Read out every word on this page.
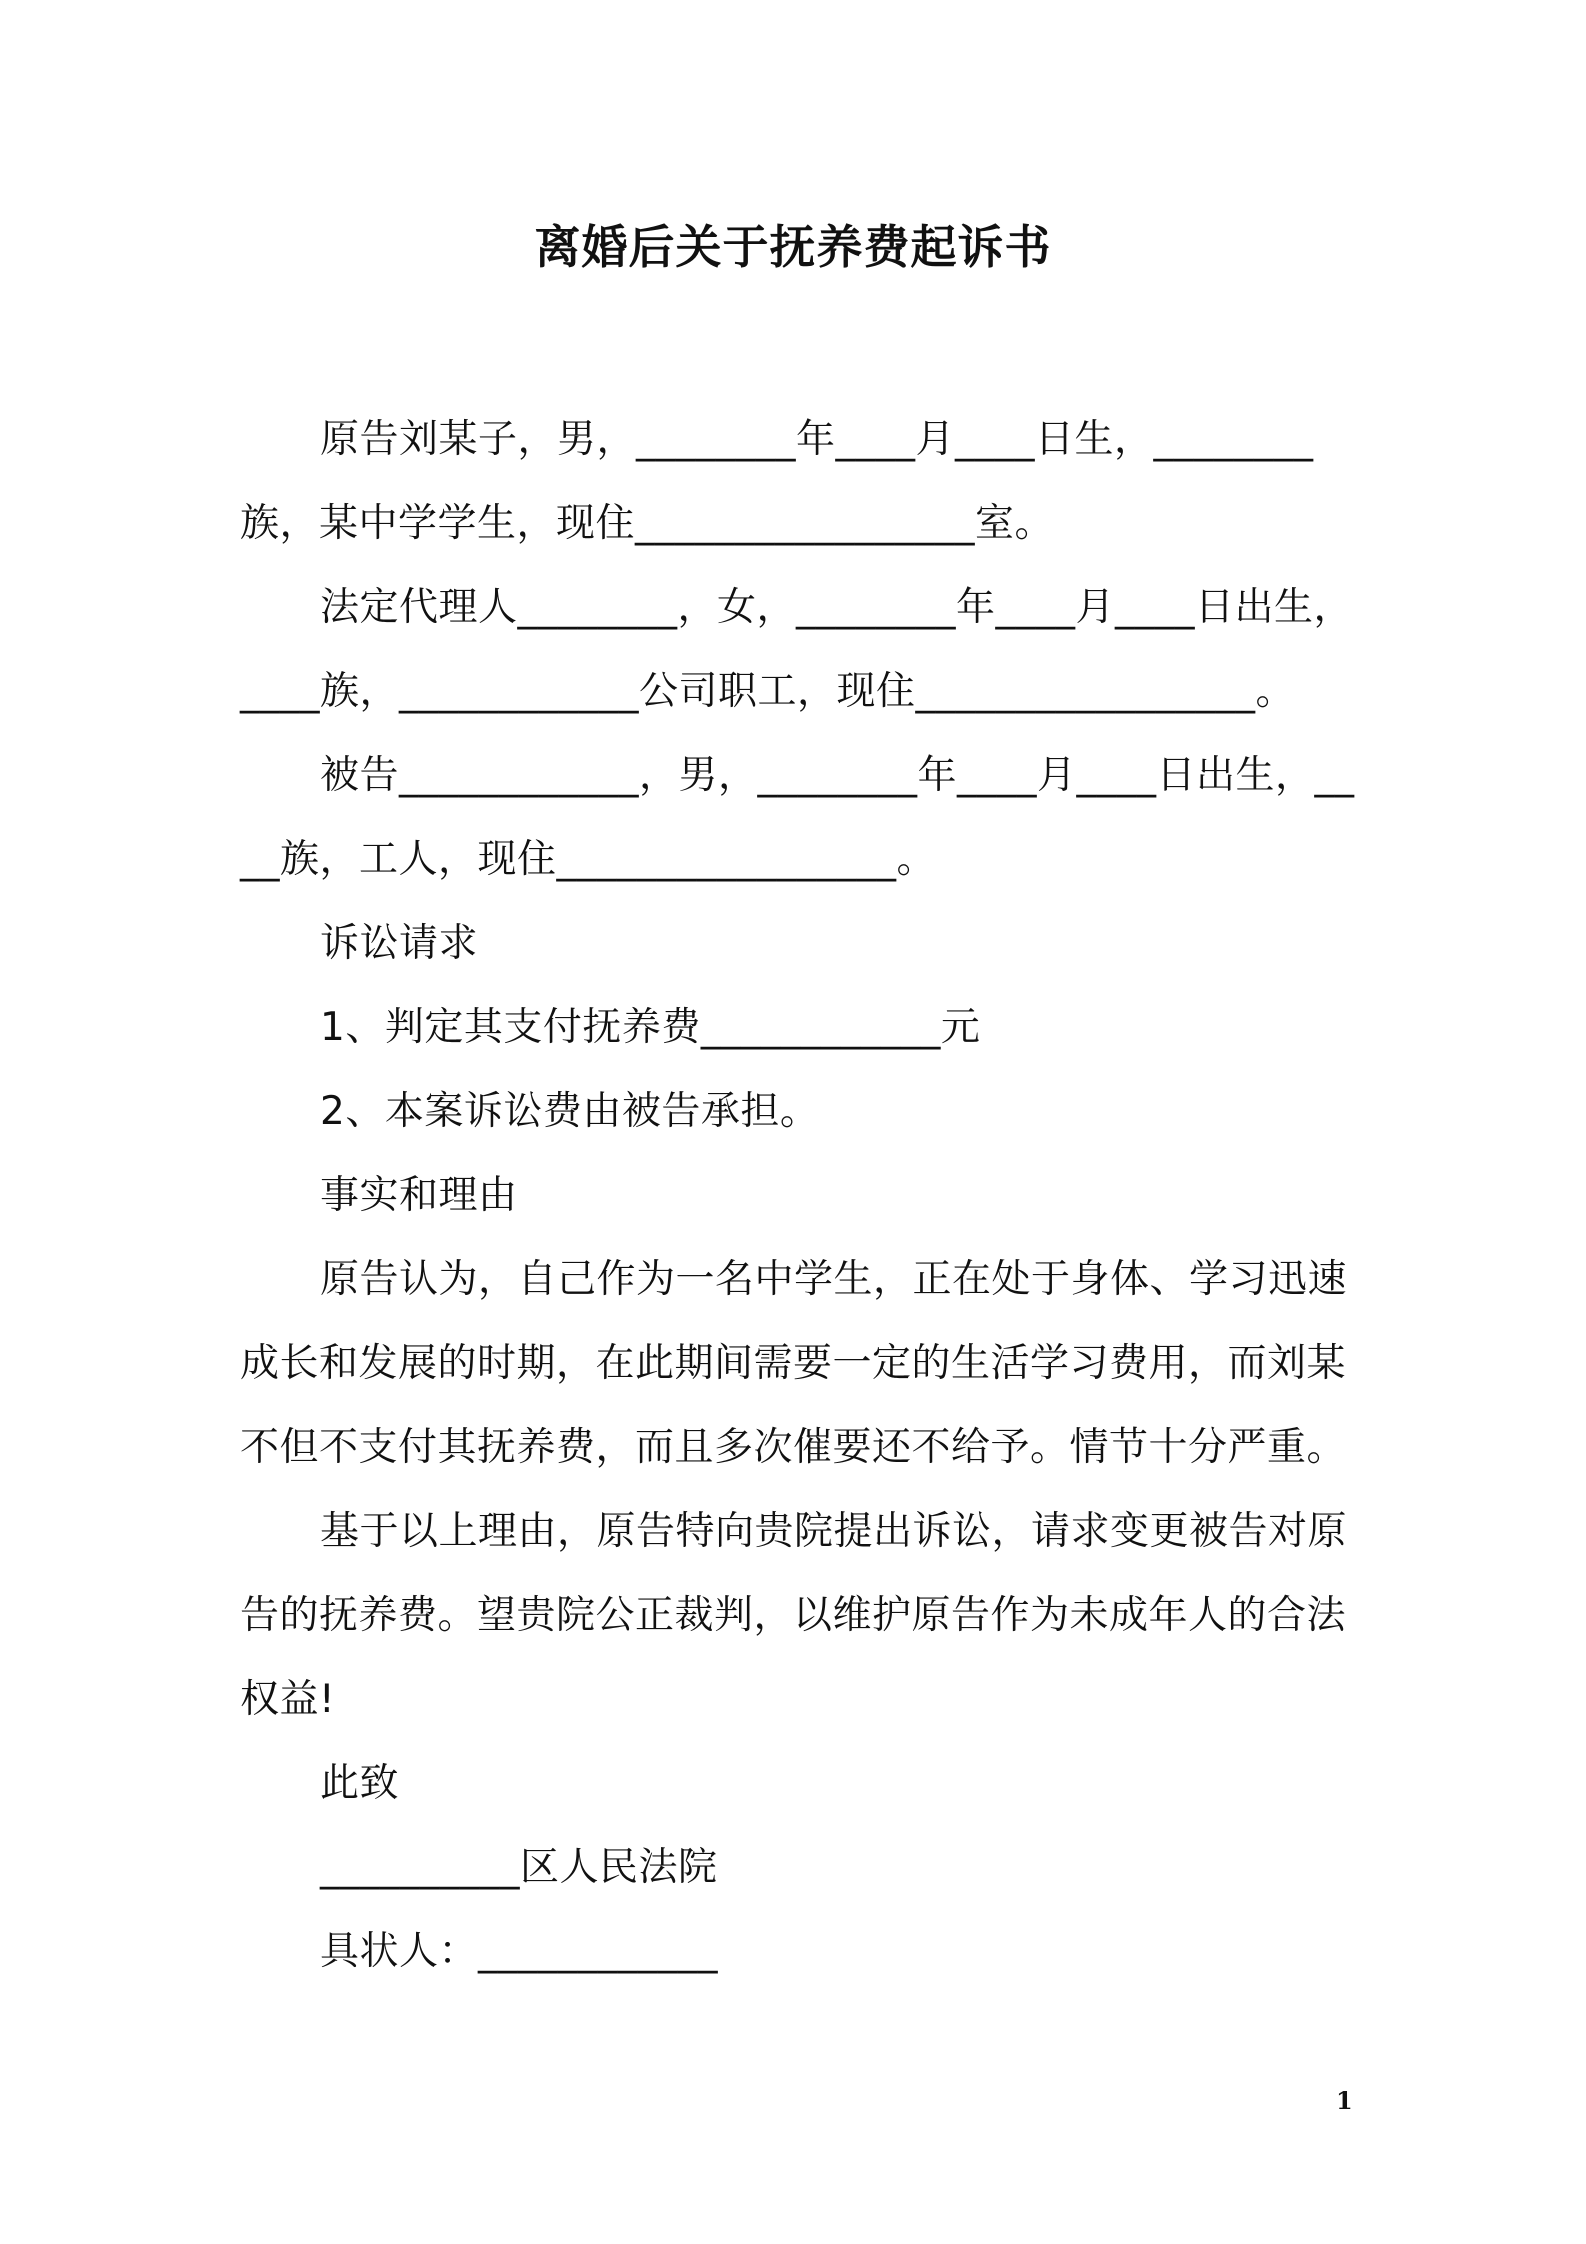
离婚后关于抚养费起诉书

原告刘某子，男，________年____月____日生，________族，某中学学生，现住_________________室。

法定代理人________，女，________年____月____日出生，____族，____________公司职工，现住_________________。

被告____________，男，________年____月____日出生，____族，工人，现住_________________。

诉讼请求

1、判定其支付抚养费____________元

2、本案诉讼费由被告承担。

事实和理由

原告认为，自己作为一名中学生，正在处于身体、学习迅速成长和发展的时期，在此期间需要一定的生活学习费用，而刘某不但不支付其抚养费，而且多次催要还不给予。情节十分严重。

基于以上理由，原告特向贵院提出诉讼，请求变更被告对原告的抚养费。望贵院公正裁判，以维护原告作为未成年人的合法权益!

此致

__________区人民法院

具状人：____________

1
